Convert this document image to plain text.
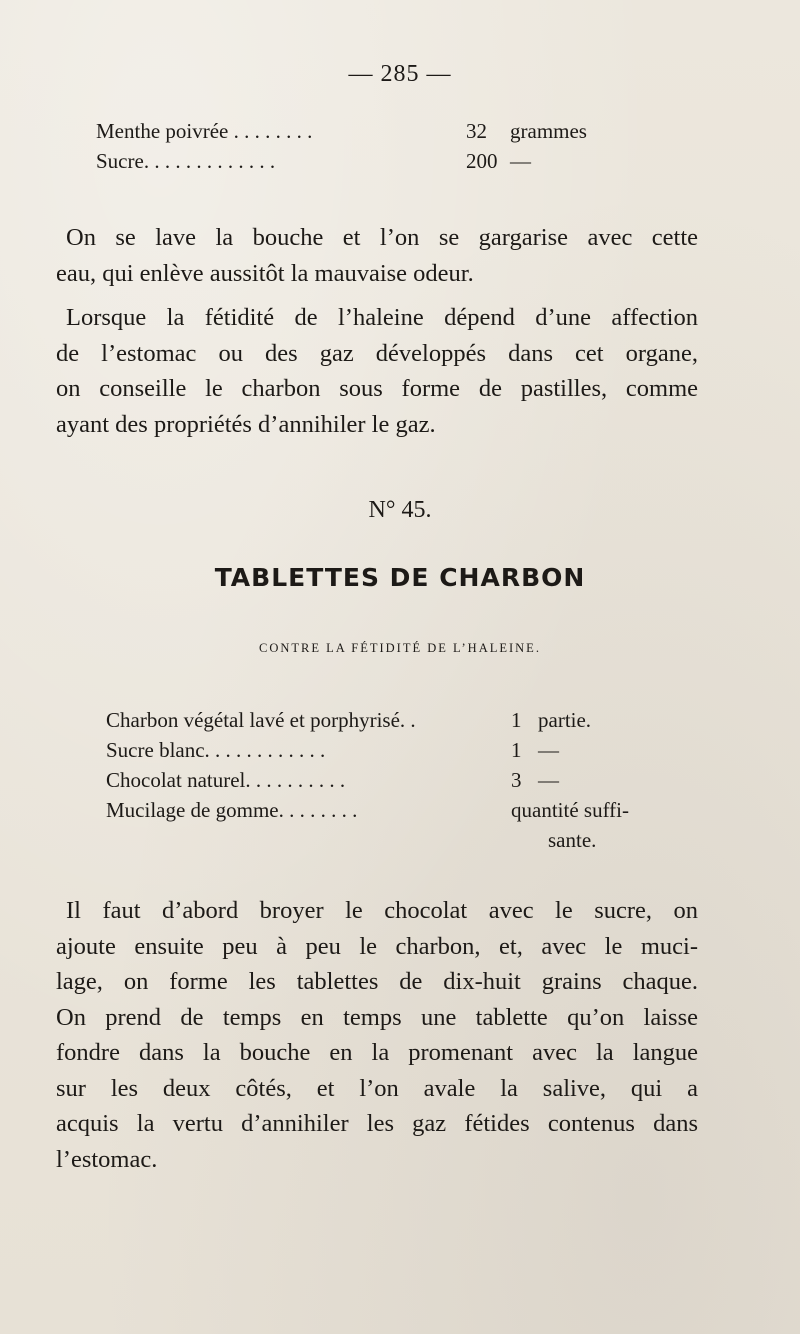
— 285 —
Menthe poivrée . . . . . . . .	32 grammes
Sucre. . . . . . . . . . . . .	200 —
On se lave la bouche et l’on se gargarise avec cette
eau, qui enlève aussitôt la mauvaise odeur.
Lorsque la fétidité de l’haleine dépend d’une affection
de l’estomac ou des gaz développés dans cet organe,
on conseille le charbon sous forme de pastilles, comme
ayant des propriétés d’annihiler le gaz.
N° 45.
TABLETTES DE CHARBON
CONTRE LA FÉTIDITÉ DE L’HALEINE.
Charbon végétal lavé et porphyrisé. .	1 partie.
Sucre blanc. . . . . . . . . . . .	1 —
Chocolat naturel. . . . . . . . . .	3 —
Mucilage de gomme. . . . . . . .	quantité suffi-
sante.
Il faut d’abord broyer le chocolat avec le sucre, on
ajoute ensuite peu à peu le charbon, et, avec le muci-
lage, on forme les tablettes de dix-huit grains chaque.
On prend de temps en temps une tablette qu’on laisse
fondre dans la bouche en la promenant avec la langue
sur les deux côtés, et l’on avale la salive, qui a
acquis la vertu d’annihiler les gaz fétides contenus dans
l’estomac.
